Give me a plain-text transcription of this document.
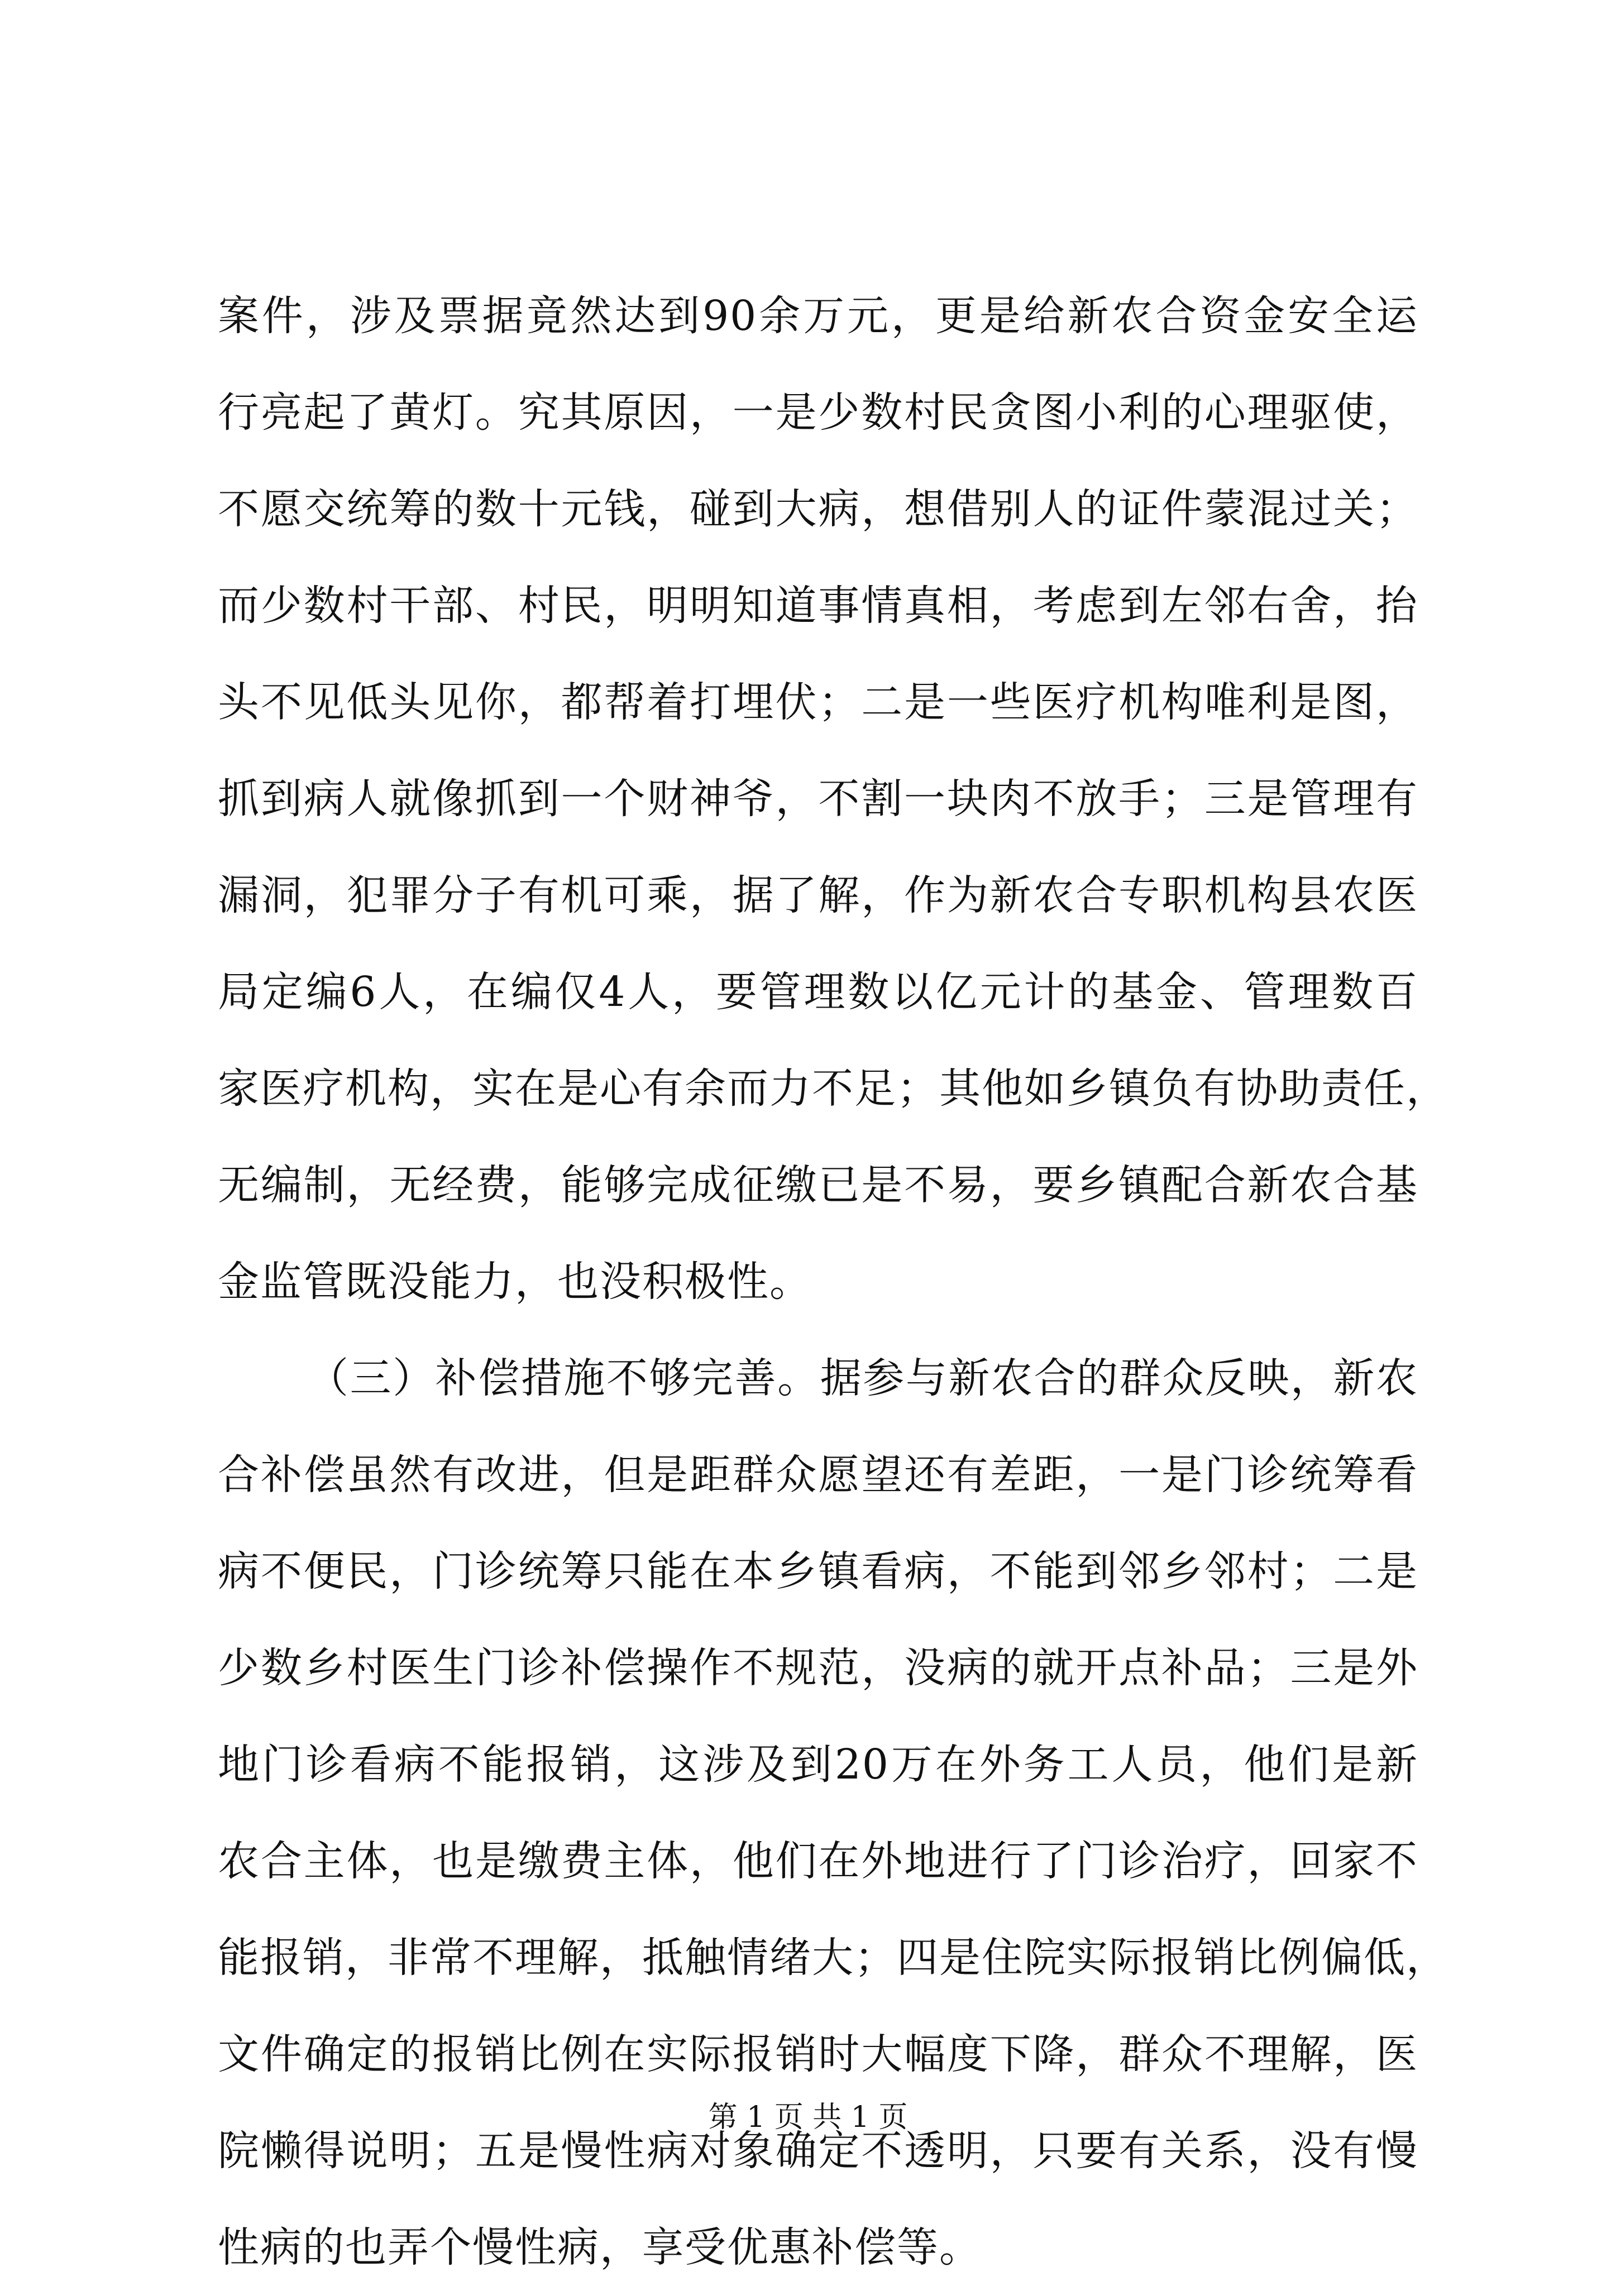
案件，涉及票据竟然达到90余万元，更是给新农合资金安全运
行亮起了黄灯。究其原因，一是少数村民贪图小利的心理驱使，
不愿交统筹的数十元钱，碰到大病，想借别人的证件蒙混过关；
而少数村干部、村民，明明知道事情真相，考虑到左邻右舍，抬
头不见低头见你，都帮着打埋伏；二是一些医疗机构唯利是图，
抓到病人就像抓到一个财神爷，不割一块肉不放手；三是管理有
漏洞，犯罪分子有机可乘，据了解，作为新农合专职机构县农医
局定编6人，在编仅4人，要管理数以亿元计的基金、管理数百
家医疗机构，实在是心有余而力不足；其他如乡镇负有协助责任，
无编制，无经费，能够完成征缴已是不易，要乡镇配合新农合基
金监管既没能力，也没积极性。
（三）补偿措施不够完善。据参与新农合的群众反映，新农
合补偿虽然有改进，但是距群众愿望还有差距，一是门诊统筹看
病不便民，门诊统筹只能在本乡镇看病，不能到邻乡邻村；二是
少数乡村医生门诊补偿操作不规范，没病的就开点补品；三是外
地门诊看病不能报销，这涉及到20万在外务工人员，他们是新
农合主体，也是缴费主体，他们在外地进行了门诊治疗，回家不
能报销，非常不理解，抵触情绪大；四是住院实际报销比例偏低，
文件确定的报销比例在实际报销时大幅度下降，群众不理解，医
院懒得说明；五是慢性病对象确定不透明，只要有关系，没有慢
性病的也弄个慢性病，享受优惠补偿等。
第 1 页 共 1 页
